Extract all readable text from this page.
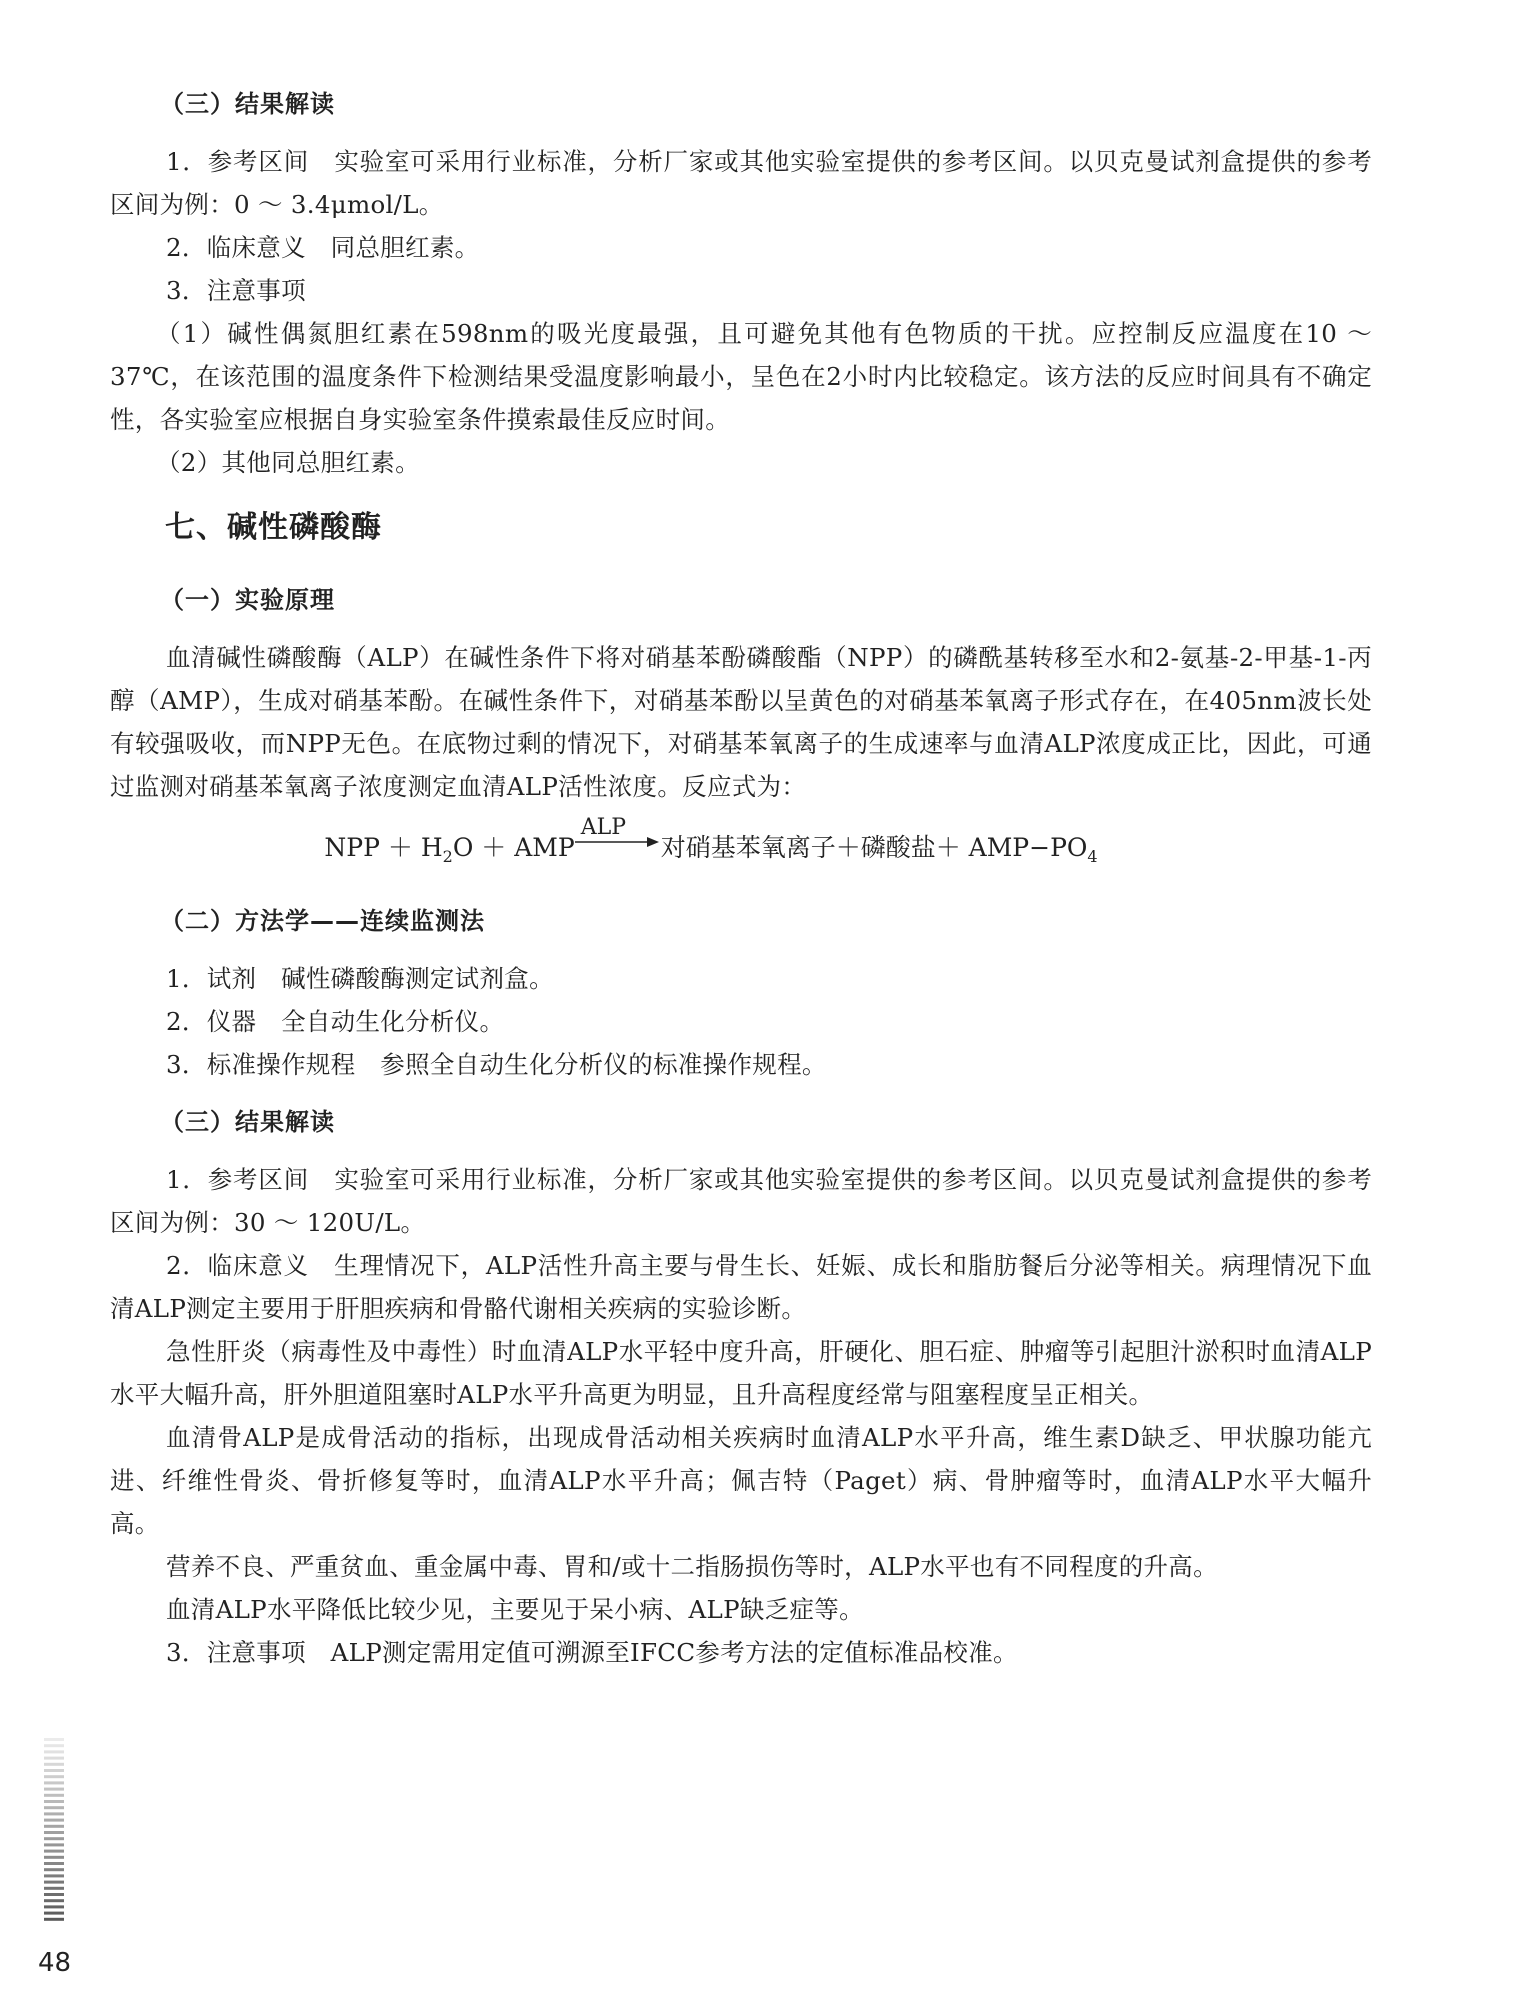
（三）结果解读

1．参考区间　实验室可采用行业标准，分析厂家或其他实验室提供的参考区间。以贝克曼试剂盒提供的参考区间为例：0 ～ 3.4μmol/L。

2．临床意义　同总胆红素。

3．注意事项

（1）碱性偶氮胆红素在598nm的吸光度最强，且可避免其他有色物质的干扰。应控制反应温度在10 ～ 37℃，在该范围的温度条件下检测结果受温度影响最小，呈色在2小时内比较稳定。该方法的反应时间具有不确定性，各实验室应根据自身实验室条件摸索最佳反应时间。

（2）其他同总胆红素。

七、碱性磷酸酶
（一）实验原理

血清碱性磷酸酶（ALP）在碱性条件下将对硝基苯酚磷酸酯（NPP）的磷酰基转移至水和2-氨基-2-甲基-1-丙醇（AMP），生成对硝基苯酚。在碱性条件下，对硝基苯酚以呈黄色的对硝基苯氧离子形式存在，在405nm波长处有较强吸收，而NPP无色。在底物过剩的情况下，对硝基苯氧离子的生成速率与血清ALP浓度成正比，因此，可通过监测对硝基苯氧离子浓度测定血清ALP活性浓度。反应式为：

NPP ＋ $H_2O$ ＋ AMP
ALP
对硝基苯氧离子＋磷酸盐＋ $AMP-PO_4$
（二）方法学——连续监测法

1．试剂　碱性磷酸酶测定试剂盒。

2．仪器　全自动生化分析仪。

3．标准操作规程　参照全自动生化分析仪的标准操作规程。

（三）结果解读

1．参考区间　实验室可采用行业标准，分析厂家或其他实验室提供的参考区间。以贝克曼试剂盒提供的参考区间为例：30 ～ 120U/L。

2．临床意义　生理情况下，ALP活性升高主要与骨生长、妊娠、成长和脂肪餐后分泌等相关。病理情况下血清ALP测定主要用于肝胆疾病和骨骼代谢相关疾病的实验诊断。

急性肝炎（病毒性及中毒性）时血清ALP水平轻中度升高，肝硬化、胆石症、肿瘤等引起胆汁淤积时血清ALP水平大幅升高，肝外胆道阻塞时ALP水平升高更为明显，且升高程度经常与阻塞程度呈正相关。

血清骨ALP是成骨活动的指标，出现成骨活动相关疾病时血清ALP水平升高，维生素D缺乏、甲状腺功能亢进、纤维性骨炎、骨折修复等时，血清ALP水平升高；佩吉特（Paget）病、骨肿瘤等时，血清ALP水平大幅升高。

营养不良、严重贫血、重金属中毒、胃和/或十二指肠损伤等时，ALP水平也有不同程度的升高。

血清ALP水平降低比较少见，主要见于呆小病、ALP缺乏症等。

3．注意事项　ALP测定需用定值可溯源至IFCC参考方法的定值标准品校准。

48
